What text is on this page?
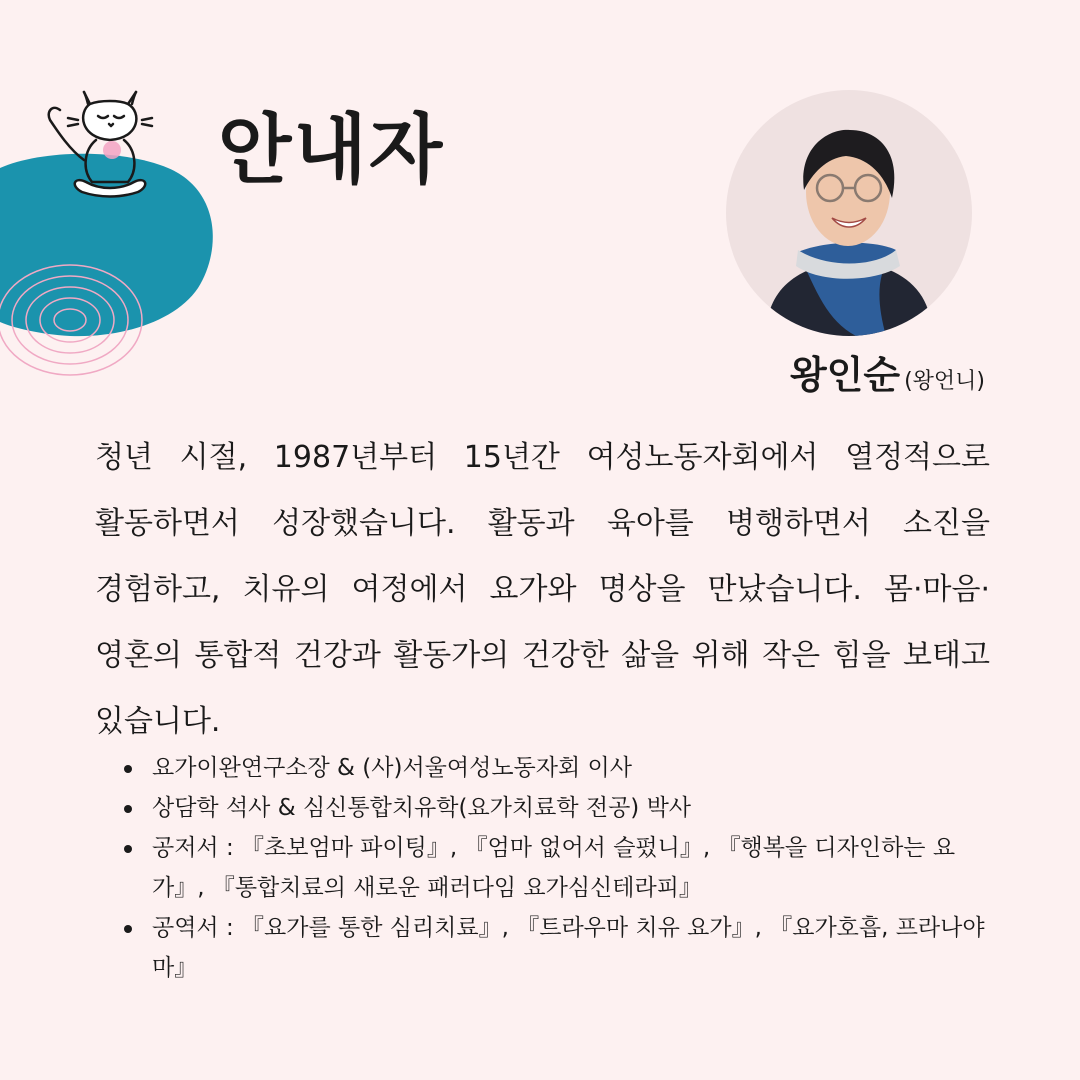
안내자
왕인순 (왕언니)

청년 시절, 1987년부터 15년간 여성노동자회에서 열정적으로 활동하면서 성장했습니다. 활동과 육아를 병행하면서 소진을 경험하고, 치유의 여정에서 요가와 명상을 만났습니다. 몸·마음·영혼의 통합적 건강과 활동가의 건강한 삶을 위해 작은 힘을 보태고 있습니다.

요가이완연구소장 & (사)서울여성노동자회 이사
상담학 석사 & 심신통합치유학(요가치료학 전공) 박사
공저서 : 『초보엄마 파이팅』, 『엄마 없어서 슬펐니』, 『행복을 디자인하는 요가』, 『통합치료의 새로운 패러다임 요가심신테라피』
공역서 : 『요가를 통한 심리치료』, 『트라우마 치유 요가』, 『요가호흡, 프라나야마』
